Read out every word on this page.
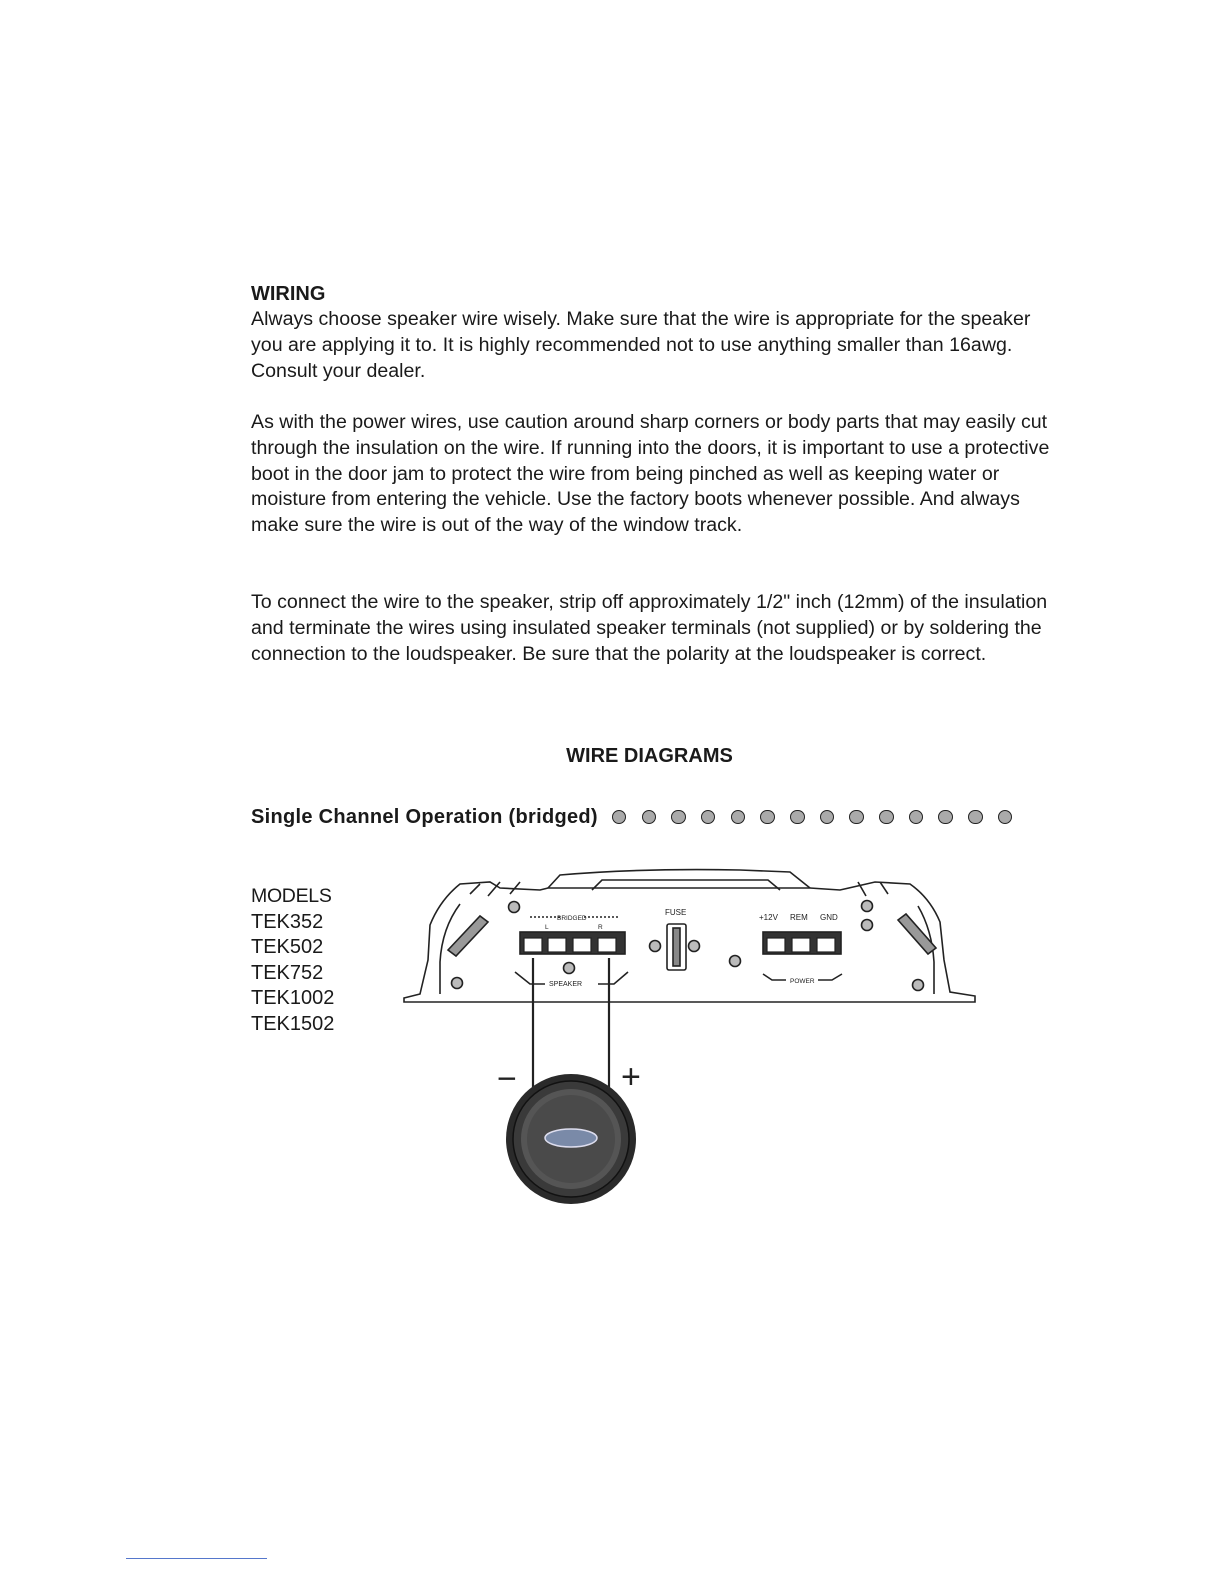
WIRING

Always choose speaker wire wisely. Make sure that the wire is appropriate for the speaker you are applying it to. It is highly recommended not to use anything smaller than 16awg. Consult your dealer.

As with the power wires, use caution around sharp corners or body parts that may easily cut through the insulation on the wire. If running into the doors, it is important to use a protective boot in the door jam to protect the wire from being pinched as well as keeping water or moisture from entering the vehicle. Use the factory boots whenever possible. And always make sure the wire is out of the way of the window track.

To connect the wire to the speaker, strip off approximately 1/2" inch (12mm) of the insulation and terminate the wires using insulated speaker terminals (not supplied) or by soldering the connection to the loudspeaker. Be sure that the polarity at the loudspeaker is correct.

WIRE DIAGRAMS
Single Channel Operation (bridged)
MODELS
TEK352
TEK502
TEK752
TEK1002
TEK1502
BRIDGED
L	R
SPEAKER
FUSE
+12V REM GND
POWER
−	+
